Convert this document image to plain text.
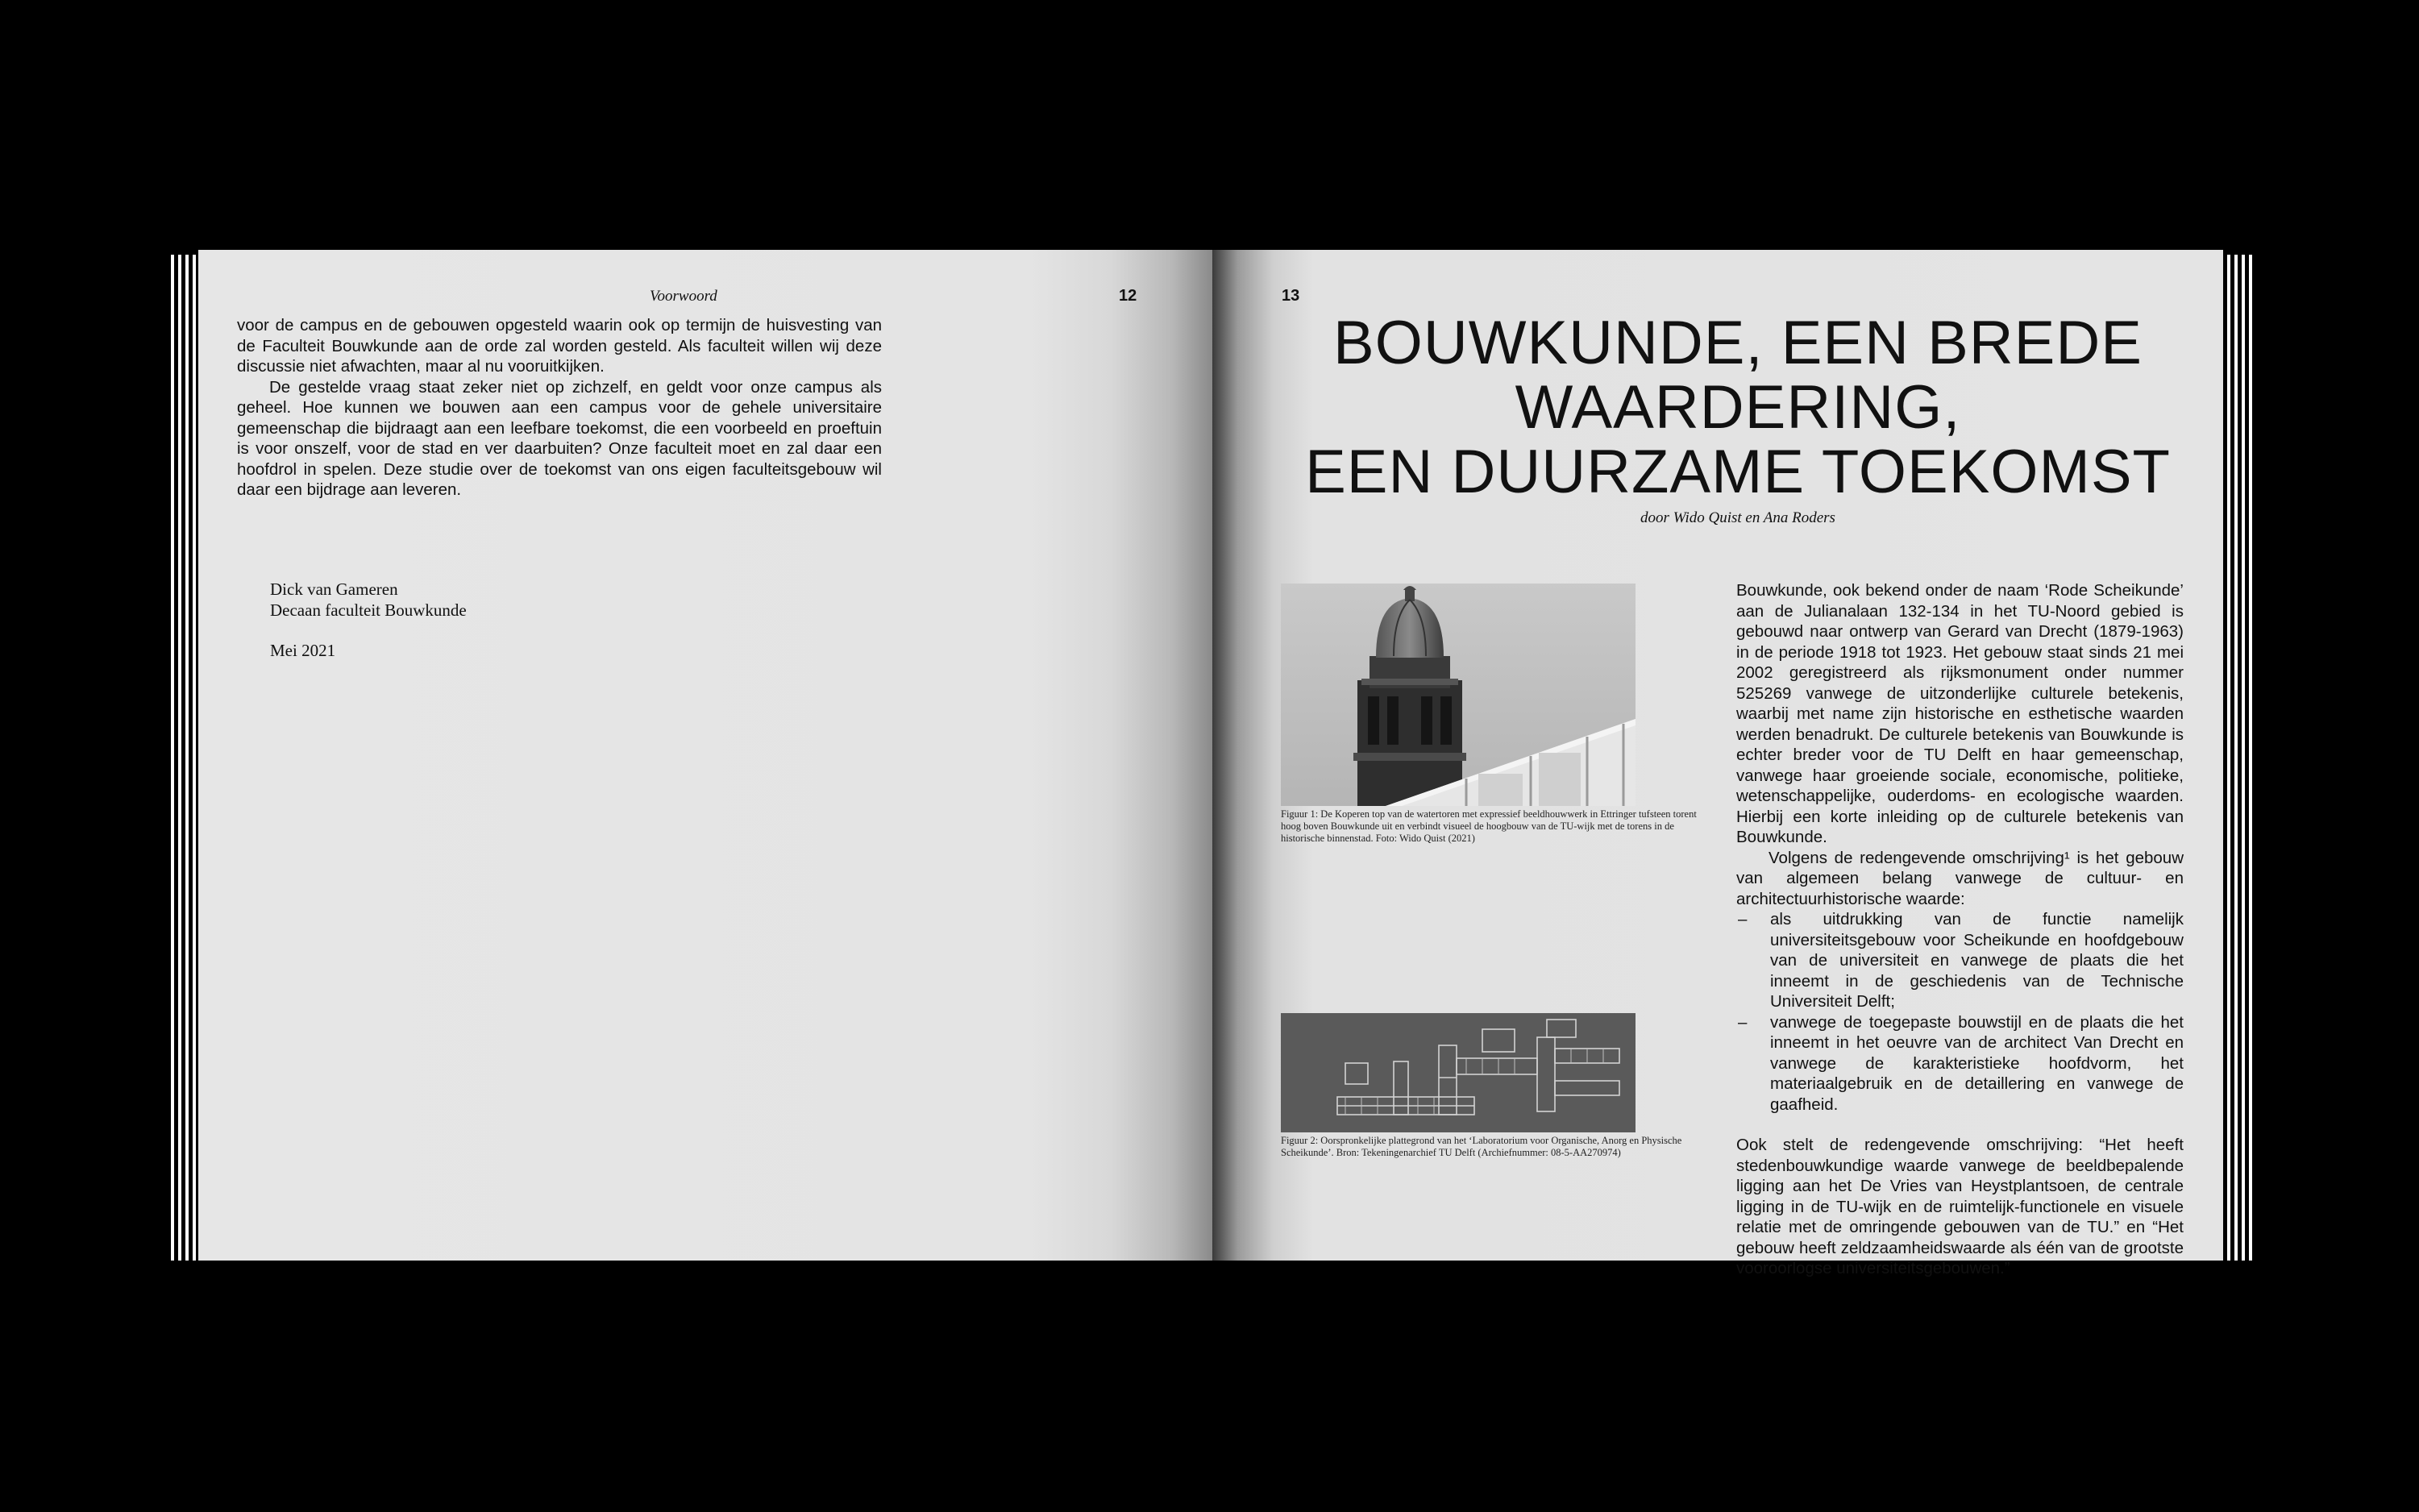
Voorwoord	12

voor de campus en de gebouwen opgesteld waarin ook op termijn de huisvesting van de Faculteit Bouwkunde aan de orde zal worden gesteld. Als faculteit willen wij deze discussie niet afwachten, maar al nu vooruitkijken.

De gestelde vraag staat zeker niet op zichzelf, en geldt voor onze campus als geheel. Hoe kunnen we bouwen aan een campus voor de gehele universitaire gemeenschap die bijdraagt aan een leefbare toekomst, die een voorbeeld en proeftuin is voor onszelf, voor de stad en ver daarbuiten? Onze faculteit moet en zal daar een hoofdrol in spelen. Deze studie over de toekomst van ons eigen faculteitsgebouw wil daar een bijdrage aan leveren.

Dick van Gameren
Decaan faculteit Bouwkunde
Mei 2021
13
BOUWKUNDE, EEN BREDE
WAARDERING,
EEN DUURZAME TOEKOMST
door Wido Quist en Ana Roders
Figuur 1: De Koperen top van de watertoren met expressief beeldhouwwerk in Ettringer tufsteen torent hoog boven Bouwkunde uit en verbindt visueel de hoogbouw van de TU-wijk met de torens in de historische binnenstad. Foto: Wido Quist (2021)
Figuur 2: Oorspronkelijke plattegrond van het ‘Laboratorium voor Organische, Anorg en Physische Scheikunde’. Bron: Tekeningenarchief TU Delft (Archiefnummer: 08-5-AA270974)

Bouwkunde, ook bekend onder de naam ‘Rode Scheikunde’ aan de Julianalaan 132-134 in het TU-Noord gebied is gebouwd naar ontwerp van Gerard van Drecht (1879-1963) in de periode 1918 tot 1923. Het gebouw staat sinds 21 mei 2002 geregistreerd als rijksmonument onder nummer 525269 vanwege de uitzonderlijke culturele betekenis, waarbij met name zijn historische en esthetische waarden werden benadrukt. De culturele betekenis van Bouwkunde is echter breder voor de TU Delft en haar gemeenschap, vanwege haar groeiende sociale, economische, politieke, wetenschappelijke, ouderdoms- en ecologische waarden. Hierbij een korte inleiding op de culturele betekenis van Bouwkunde.

Volgens de redengevende omschrijving¹ is het gebouw van algemeen belang vanwege de cultuur- en architectuurhistorische waarde:

– als uitdrukking van de functie namelijk universiteitsgebouw voor Scheikunde en hoofdgebouw van de universiteit en vanwege de plaats die het inneemt in de geschiedenis van de Technische Universiteit Delft;
– vanwege de toegepaste bouwstijl en de plaats die het inneemt in het oeuvre van de architect Van Drecht en vanwege de karakteristieke hoofdvorm, het materiaalgebruik en de detaillering en vanwege de gaafheid.

Ook stelt de redengevende omschrijving: “Het heeft stedenbouwkundige waarde vanwege de beeldbepalende ligging aan het De Vries van Heystplantsoen, de centrale ligging in de TU-wijk en de ruimtelijk-functionele en visuele relatie met de omringende gebouwen van de TU.” en “Het gebouw heeft zeldzaamheidswaarde als één van de grootste vooroorlogse universiteitsgebouwen.”
